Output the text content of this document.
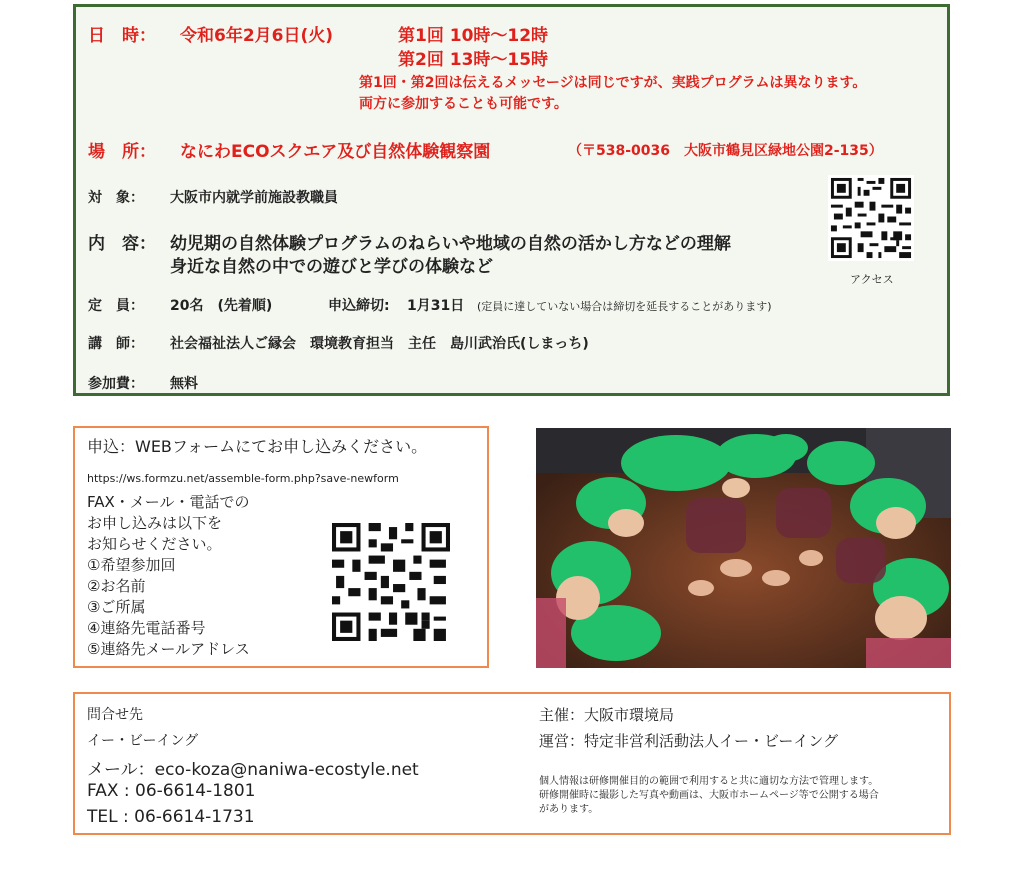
日　時： 令和6年2月6日(火)	第1回 10時～12時
第2回 13時～15時
第1回・第2回は伝えるメッセージは同じですが、実践プログラムは異なります。
両方に参加することも可能です。
場　所： なにわECOスクエア及び自然体験観察園	（〒538-0036　大阪市鶴見区緑地公園2-135）
対　象： 大阪市内就学前施設教職員
内　容： 幼児期の自然体験プログラムのねらいや地域の自然の活かし方などの理解
身近な自然の中での遊びと学びの体験など
定　員： 20名　(先着順)	申込締切: 1月31日 (定員に達していない場合は締切を延長することがあります)
講　師： 社会福祉法人ご縁会　環境教育担当　主任　島川武治氏(しまっち)
参加費： 無料
アクセス
申込：WEBフォームにてお申し込みください。
https://ws.formzu.net/assemble-form.php?save-newform
FAX・メール・電話での
お申し込みは以下を
お知らせください。
①希望参加回
②お名前
③ご所属
④連絡先電話番号
⑤連絡先メールアドレス
問合せ先
イー・ビーイング
メール：eco-koza@naniwa-ecostyle.net
FAX : 06-6614-1801
TEL : 06-6614-1731
主催：大阪市環境局
運営：特定非営利活動法人イー・ビーイング
個人情報は研修開催目的の範囲で利用すると共に適切な方法で管理します。
研修開催時に撮影した写真や動画は、大阪市ホームページ等で公開する場合
があります。
